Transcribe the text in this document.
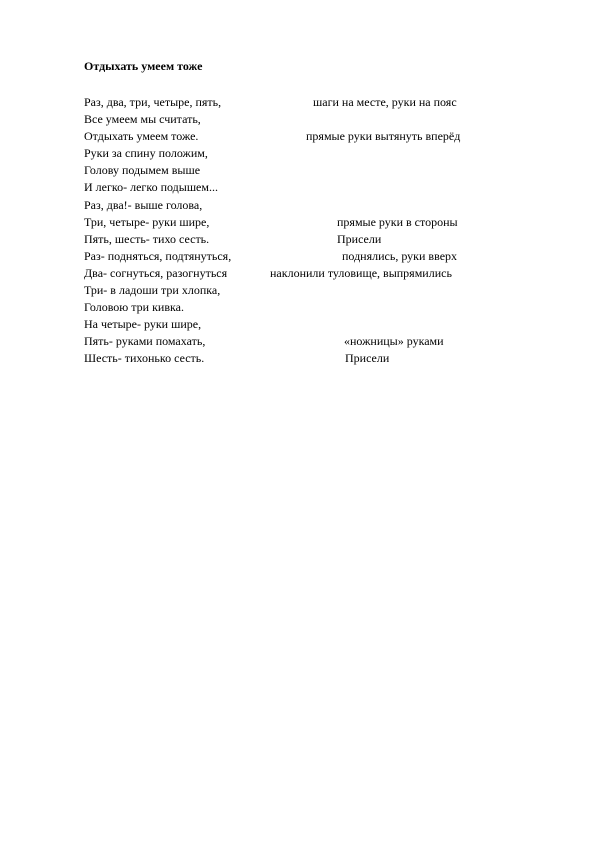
Отдыхать умеем тоже
Раз, два, три, четыре, пять,	шаги на месте, руки на пояс
Все умеем мы считать,
Отдыхать умеем тоже.	прямые руки вытянуть вперёд
Руки за спину положим,
Голову подымем выше
И легко- легко подышем...
Раз, два!- выше голова,
Три, четыре- руки шире,	прямые руки в стороны
Пять, шесть- тихо сесть.	Присели
Раз- подняться, подтянуться,	поднялись, руки вверх
Два- согнуться, разогнуться	наклонили туловище, выпрямились
Три- в ладоши три хлопка,
Головою три кивка.
На четыре- руки шире,
Пять- руками помахать,	«ножницы» руками
Шесть- тихонько сесть.	Присели
